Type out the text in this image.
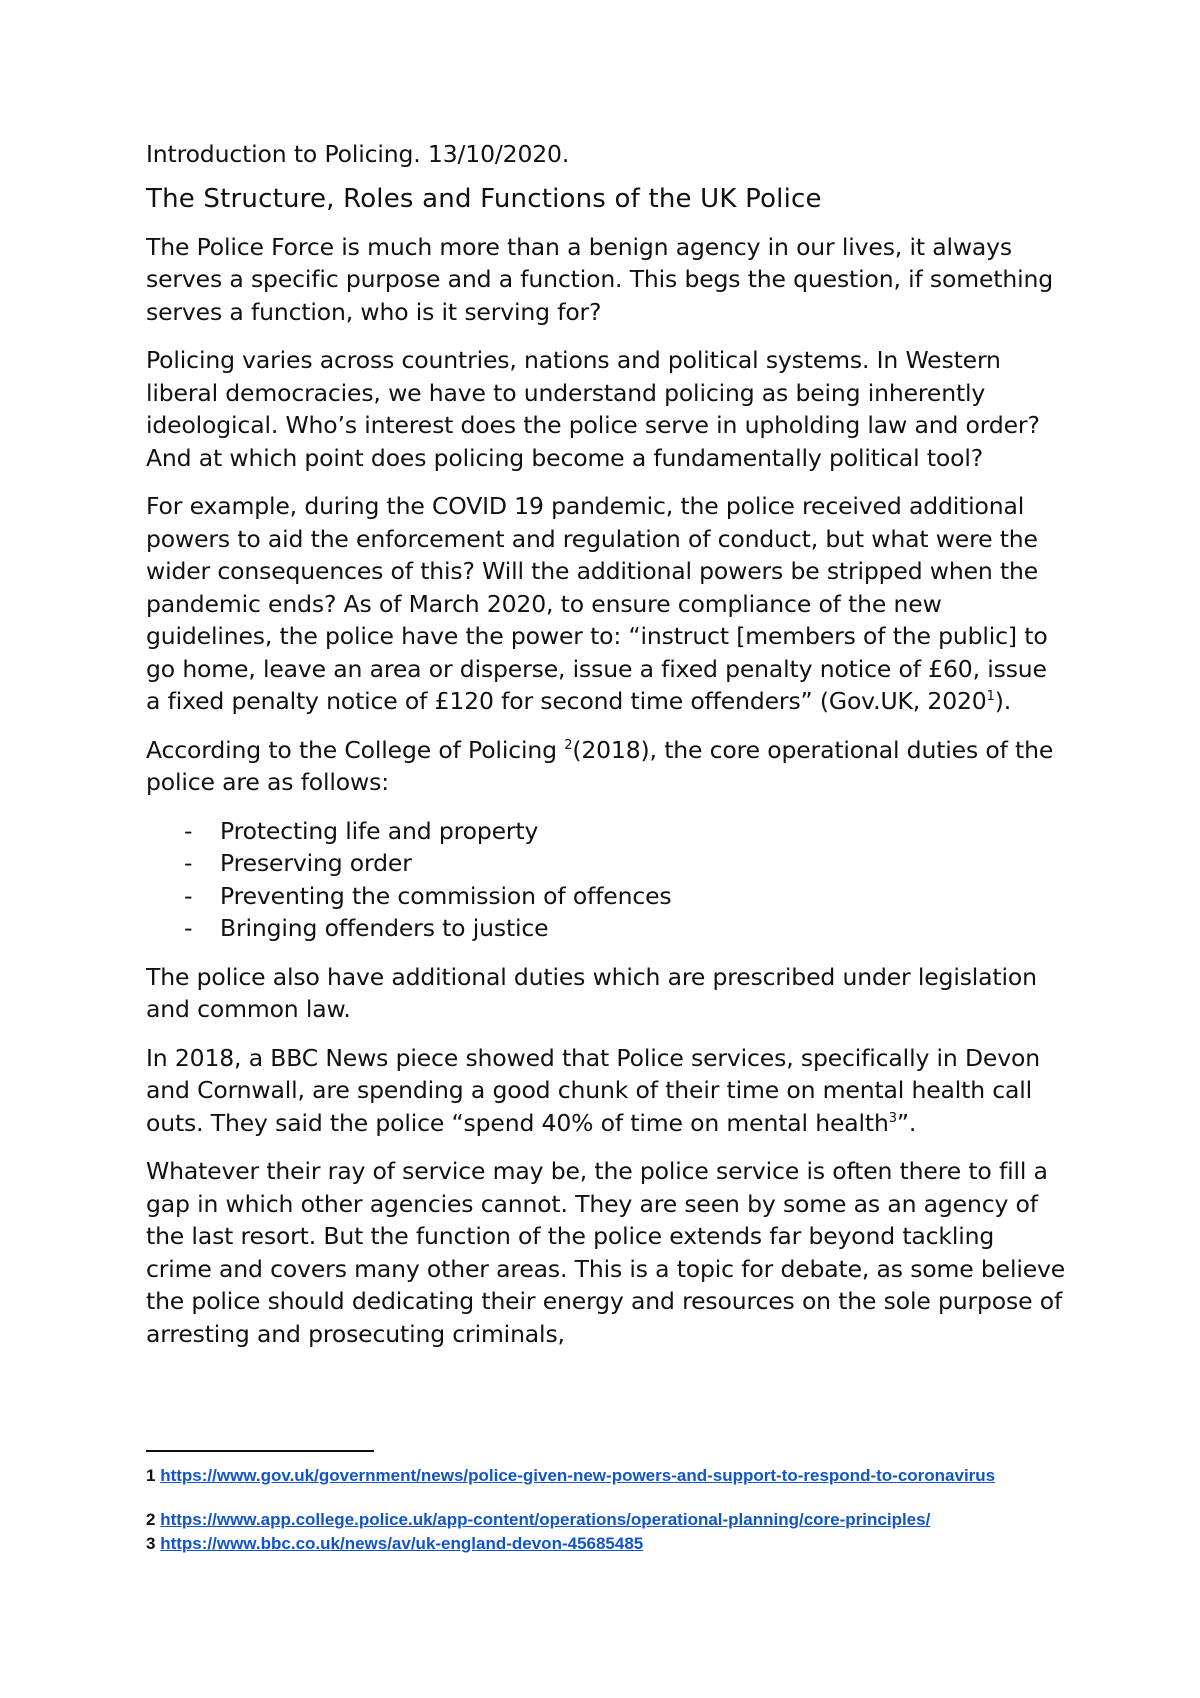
Introduction to Policing. 13/10/2020.

The Structure, Roles and Functions of the UK Police

The Police Force is much more than a benign agency in our lives, it always serves a specific purpose and a function. This begs the question, if something serves a function, who is it serving for?

Policing varies across countries, nations and political systems. In Western liberal democracies, we have to understand policing as being inherently ideological. Who’s interest does the police serve in upholding law and order? And at which point does policing become a fundamentally political tool?

For example, during the COVID 19 pandemic, the police received additional powers to aid the enforcement and regulation of conduct, but what were the wider consequences of this? Will the additional powers be stripped when the pandemic ends? As of March 2020, to ensure compliance of the new guidelines, the police have the power to: “instruct [members of the public] to go home, leave an area or disperse, issue a fixed penalty notice of £60, issue a fixed penalty notice of £120 for second time offenders” (Gov.UK, 2020$^1$).

According to the College of Policing $^2$(2018), the core operational duties of the police are as follows:

- Protecting life and property
- Preserving order
- Preventing the commission of offences
- Bringing offenders to justice

The police also have additional duties which are prescribed under legislation and common law.

In 2018, a BBC News piece showed that Police services, specifically in Devon and Cornwall, are spending a good chunk of their time on mental health call outs. They said the police “spend 40% of time on mental health$^3$”.

Whatever their ray of service may be, the police service is often there to fill a gap in which other agencies cannot. They are seen by some as an agency of the last resort. But the function of the police extends far beyond tackling crime and covers many other areas. This is a topic for debate, as some believe the police should dedicating their energy and resources on the sole purpose of arresting and prosecuting criminals,

1 https://www.gov.uk/government/news/police-given-new-powers-and-support-to-respond-to-coronavirus
2 https://www.app.college.police.uk/app-content/operations/operational-planning/core-principles/
3 https://www.bbc.co.uk/news/av/uk-england-devon-45685485
